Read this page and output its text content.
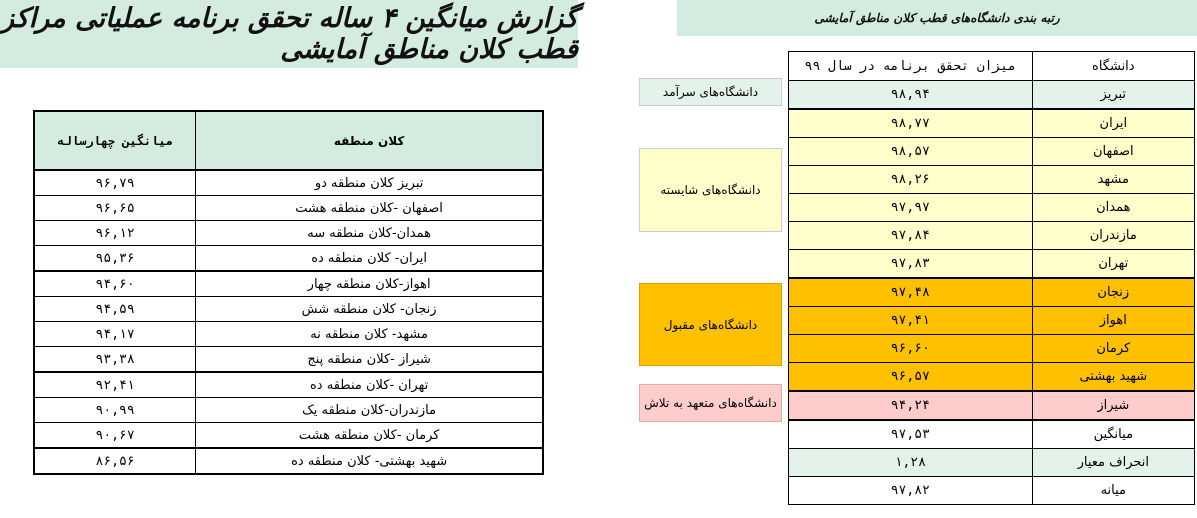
گزارش میانگین ۴ ساله تحقق برنامه عملیاتی مراکز قطب کلان مناطق آمایشی
رتبه بندی دانشگاه‌های قطب کلان مناطق آمایشی
کلان منطقه	میانگین چهارساله
تبریز کلان منطقه دو	۹۶,۷۹
اصفهان -کلان منطقه هشت	۹۶,۶۵
همدان-کلان منطقه سه	۹۶,۱۲
ایران- کلان منطقه ده	۹۵,۳۶
اهواز-کلان منطقه چهار	۹۴,۶۰
زنجان- کلان منطقه شش	۹۴,۵۹
مشهد- کلان منطقه نه	۹۴,۱۷
شیراز -کلان منطقه پنج	۹۳,۳۸
تهران -کلان منطقه ده	۹۲,۴۱
مازندران-کلان منطقه یک	۹۰,۹۹
کرمان -کلان منطقه هشت	۹۰,۶۷
شهید بهشتی- کلان منطقه ده	۸۶,۵۶
دانشگاه	میزان تحقق برنامه در سال ۹۹
تبریز	۹۸,۹۴
ایران	۹۸,۷۷
اصفهان	۹۸,۵۷
مشهد	۹۸,۲۶
همدان	۹۷,۹۷
مازندران	۹۷,۸۴
تهران	۹۷,۸۳
زنجان	۹۷,۴۸
اهواز	۹۷,۴۱
کرمان	۹۶,۶۰
شهید بهشتی	۹۶,۵۷
شیراز	۹۴,۲۴
میانگین	۹۷,۵۳
انحراف معیار	۱,۲۸
میانه	۹۷,۸۲
دانشگاه‌های سرآمد
دانشگاه‌های شایسته
دانشگاه‌های مقبول
دانشگاه‌های متعهد به تلاش
